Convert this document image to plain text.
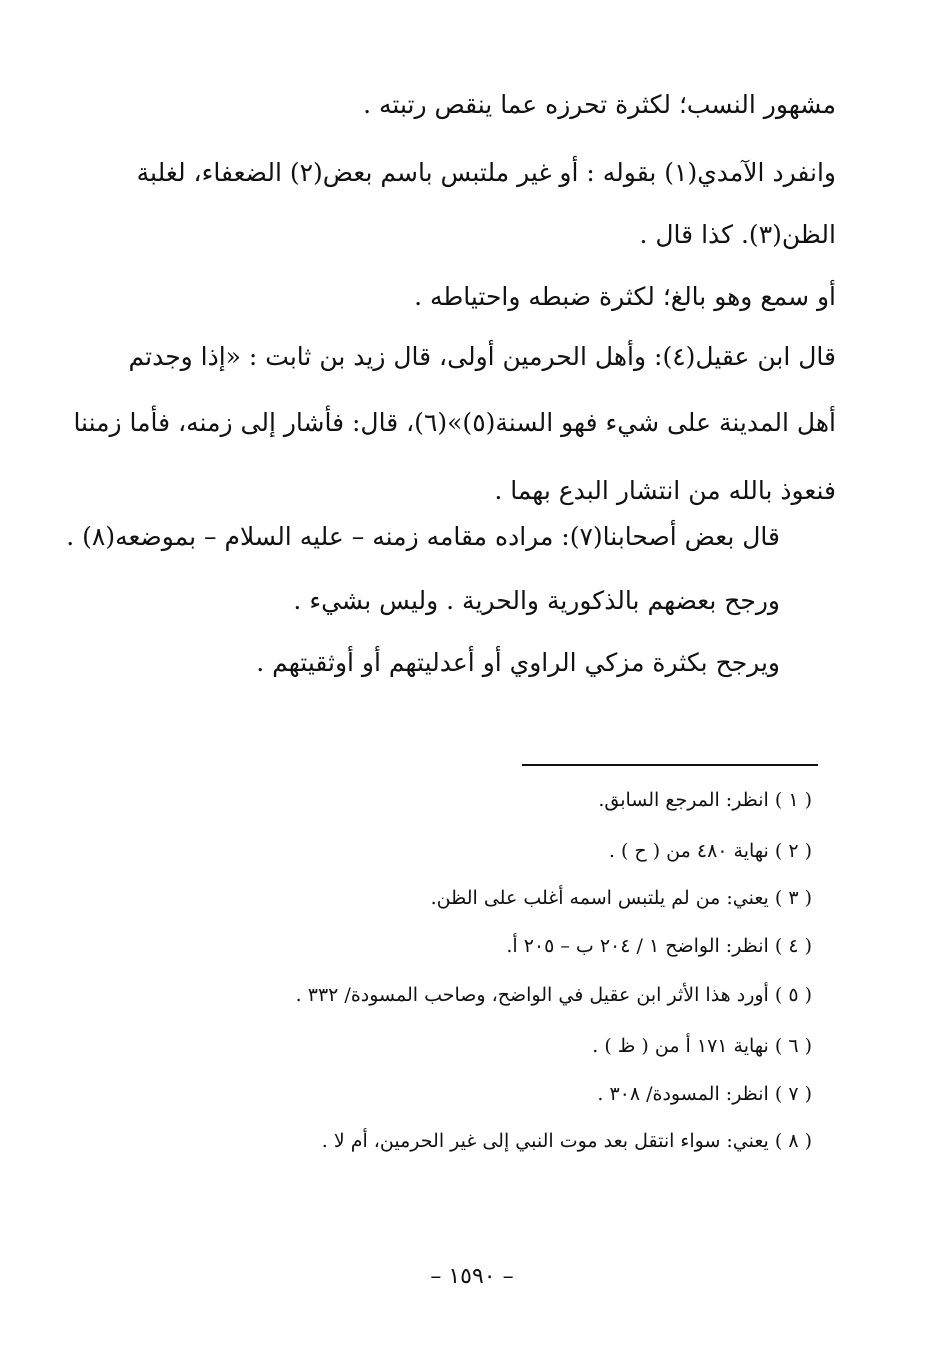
مشهور النسب؛ لكثرة تحرزه عما ينقص رتبته .
وانفرد الآمدي(١) بقوله : أو غير ملتبس باسم بعض(٢) الضعفاء، لغلبة
الظن(٣). كذا قال .
أو سمع وهو بالغ؛ لكثرة ضبطه واحتياطه .
قال ابن عقيل(٤): وأهل الحرمين أولى، قال زيد بن ثابت : «إذا وجدتم
أهل المدينة على شيء فهو السنة(٥)»(٦)، قال: فأشار إلى زمنه، فأما زمننا
فنعوذ بالله من انتشار البدع بهما .
قال بعض أصحابنا(٧): مراده مقامه زمنه – عليه السلام – بموضعه(٨) .
ورجح بعضهم بالذكورية والحرية . وليس بشيء .
ويرجح بكثرة مزكي الراوي أو أعدليتهم أو أوثقيتهم .
( ١ ) انظر: المرجع السابق.
( ٢ ) نهاية ٤٨٠ من ( ح ) .
( ٣ ) يعني: من لم يلتبس اسمه أغلب على الظن.
( ٤ ) انظر: الواضح ١ / ٢٠٤ ب – ٢٠٥ أ.
( ٥ ) أورد هذا الأثر ابن عقيل في الواضح، وصاحب المسودة/ ٣٣٢ .
( ٦ ) نهاية ١٧١ أ من ( ظ ) .
( ٧ ) انظر: المسودة/ ٣٠٨ .
( ٨ ) يعني: سواء انتقل بعد موت النبي إلى غير الحرمين، أم لا .
– ١٥٩٠ –
